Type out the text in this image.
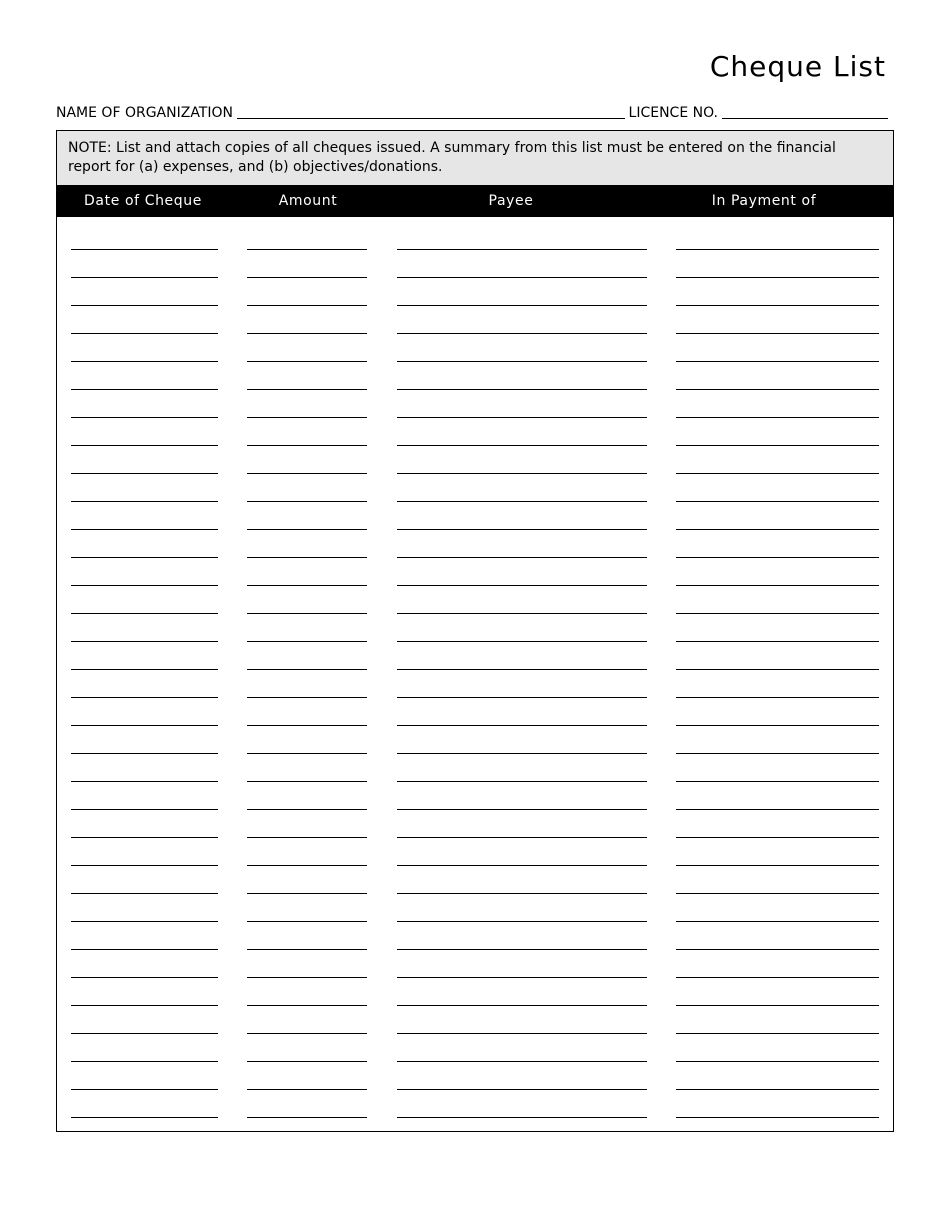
Cheque List
NAME OF ORGANIZATION	LICENCE NO.
NOTE: List and attach copies of all cheques issued. A summary from this list must be entered on the financial report for (a) expenses, and (b) objectives/donations.
Date of Cheque	Amount	Payee	In Payment of
